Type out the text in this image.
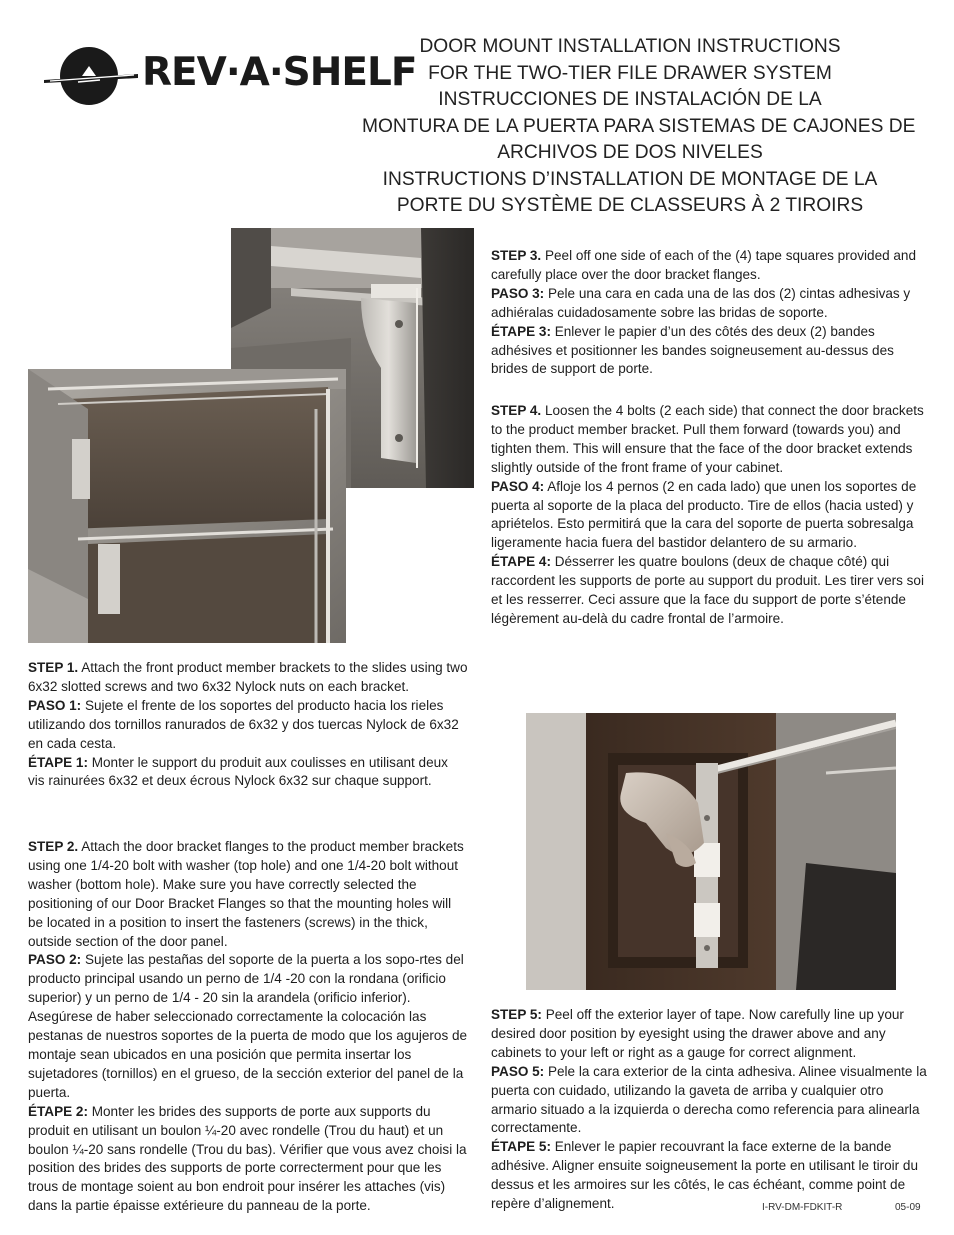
REV·A·SHELF
DOOR MOUNT INSTALLATION INSTRUCTIONS
FOR THE TWO-TIER FILE DRAWER SYSTEM
INSTRUCCIONES DE INSTALACIÓN DE LA
MONTURA DE LA PUERTA PARA SISTEMAS DE CAJONES DE
ARCHIVOS DE DOS NIVELES
INSTRUCTIONS D’INSTALLATION DE MONTAGE DE LA
PORTE DU SYSTÈME DE CLASSEURS À 2 TIROIRS

STEP 1. Attach the front product member brackets to the slides using two 6x32 slotted screws and two 6x32 Nylock nuts on each bracket.

PASO 1: Sujete el frente de los soportes del producto hacia los rieles utilizando dos tornillos ranurados de 6x32 y dos tuercas Nylock de 6x32 en cada cesta.

ÉTAPE 1: Monter le support du produit aux coulisses en utilisant deux vis rainurées 6x32 et deux écrous Nylock 6x32 sur chaque support.

STEP 2. Attach the door bracket flanges to the product member brackets using one 1/4-20 bolt with washer (top hole) and one 1/4-20 bolt without washer (bottom hole). Make sure you have correctly selected the positioning of our Door Bracket Flanges so that the mounting holes will be located in a position to insert the fasteners (screws) in the thick, outside section of the door panel.

PASO 2: Sujete las pestañas del soporte de la puerta a los sopo-rtes del producto principal usando un perno de 1/4 -20 con la rondana (orificio superior) y un perno de 1/4 - 20 sin la arandela (orificio inferior). Asegúrese de haber seleccionado correctamente la colocación las pestanas de nuestros soportes de la puerta de modo que los agujeros de montaje sean ubicados en una posición que permita insertar los sujetadores (tornillos) en el grueso, de la sección exterior del panel de la puerta.

ÉTAPE 2: Monter les brides des supports de porte aux supports du produit en utilisant un boulon ¼-20 avec rondelle (Trou du haut) et un boulon ¼-20 sans rondelle (Trou du bas). Vérifier que vous avez choisi la position des brides des supports de porte correcterment pour que les trous de montage soient au bon endroit pour insérer les attaches (vis) dans la partie épaisse extérieure du panneau de la porte.

STEP 3. Peel off one side of each of the (4) tape squares provided and carefully place over the door bracket flanges.

PASO 3: Pele una cara en cada una de las dos (2) cintas adhesivas y adhiéralas cuidadosamente sobre las bridas de soporte.

ÉTAPE 3: Enlever le papier d’un des côtés des deux (2) bandes adhésives et positionner les bandes soigneusement au-dessus des brides de support de porte.

STEP 4. Loosen the 4 bolts (2 each side) that connect the door brackets to the product member bracket. Pull them forward (towards you) and tighten them. This will ensure that the face of the door bracket extends slightly outside of the front frame of your cabinet.

PASO 4: Afloje los 4 pernos (2 en cada lado) que unen los soportes de puerta al soporte de la placa del producto. Tire de ellos (hacia usted) y apriételos. Esto permitirá que la cara del soporte de puerta sobresalga ligeramente hacia fuera del bastidor delantero de su armario.

ÉTAPE 4: Désserrer les quatre boulons (deux de chaque côté) qui raccordent les supports de porte au support du produit. Les tirer vers soi et les resserrer. Ceci assure que la face du support de porte s’étende légèrement au-delà du cadre frontal de l’armoire.

STEP 5: Peel off the exterior layer of tape. Now carefully line up your desired door position by eyesight using the drawer above and any cabinets to your left or right as a gauge for correct alignment.

PASO 5: Pele la cara exterior de la cinta adhesiva. Alinee visualmente la puerta con cuidado, utilizando la gaveta de arriba y cualquier otro armario situado a la izquierda o derecha como referencia para alinearla correctamente.

ÉTAPE 5: Enlever le papier recouvrant la face externe de la bande adhésive. Aligner ensuite soigneusement la porte en utilisant le tiroir du dessus et les armoires sur les côtés, le cas échéant, comme point de repère d’alignement.	I-RV-DM-FDKIT-R	05-09
